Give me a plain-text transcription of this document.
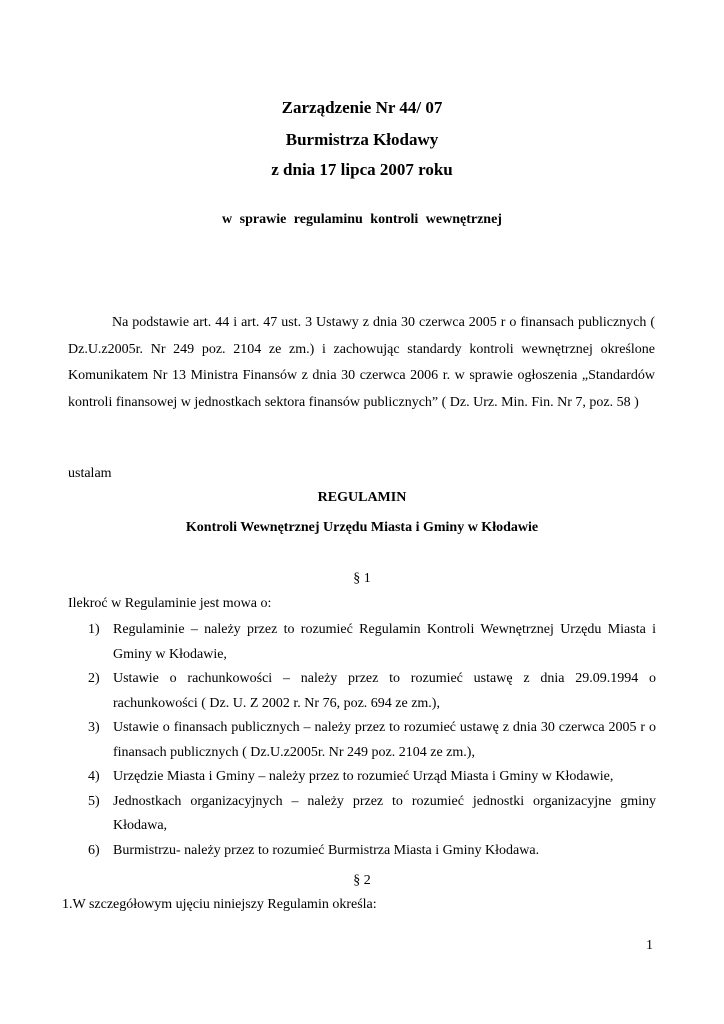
Zarządzenie Nr 44/ 07
Burmistrza Kłodawy
z dnia 17 lipca 2007 roku
w sprawie regulaminu kontroli wewnętrznej
Na podstawie art. 44 i art. 47 ust. 3 Ustawy z dnia 30 czerwca 2005 r o finansach publicznych ( Dz.U.z2005r. Nr 249 poz. 2104 ze zm.) i zachowując standardy kontroli wewnętrznej określone Komunikatem Nr 13 Ministra Finansów z dnia 30 czerwca 2006 r. w sprawie ogłoszenia „Standardów kontroli finansowej w jednostkach sektora finansów publicznych” ( Dz. Urz. Min. Fin. Nr 7, poz. 58 )
ustalam
REGULAMIN
Kontroli Wewnętrznej Urzędu Miasta i Gminy w Kłodawie
§ 1
Ilekroć w Regulaminie jest mowa o:
1) Regulaminie – należy przez to rozumieć Regulamin Kontroli Wewnętrznej Urzędu Miasta i Gminy w Kłodawie,
2) Ustawie o rachunkowości – należy przez to rozumieć ustawę z dnia 29.09.1994 o rachunkowości ( Dz. U. Z 2002 r. Nr 76, poz. 694 ze zm.),
3) Ustawie o finansach publicznych – należy przez to rozumieć ustawę z dnia 30 czerwca 2005 r o finansach publicznych ( Dz.U.z2005r. Nr 249 poz. 2104 ze zm.),
4) Urzędzie Miasta i Gminy – należy przez to rozumieć Urząd Miasta i Gminy w Kłodawie,
5) Jednostkach organizacyjnych – należy przez to rozumieć jednostki organizacyjne gminy Kłodawa,
6) Burmistrzu- należy przez to rozumieć Burmistrza Miasta i Gminy Kłodawa.
§ 2
1.W szczegółowym ujęciu niniejszy Regulamin określa:
1
